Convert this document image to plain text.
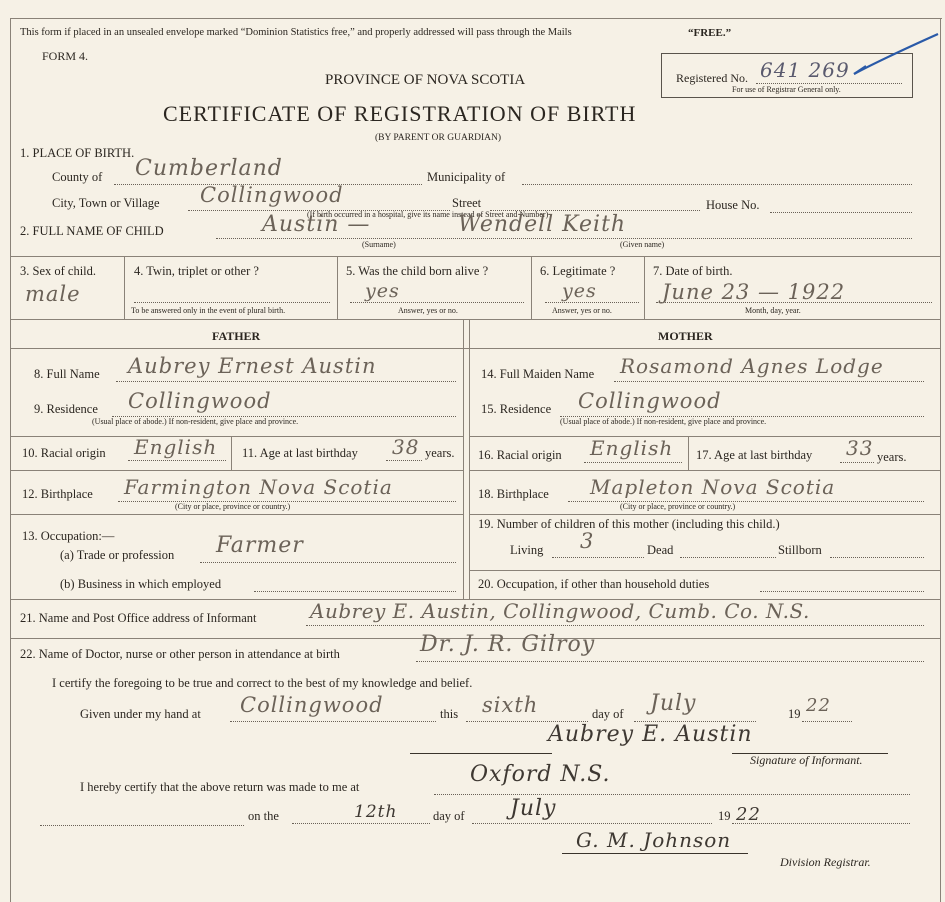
This form if placed in an unsealed envelope marked “Dominion Statistics free,” and properly addressed will pass through the Mails	“FREE.”
FORM 4.
PROVINCE OF NOVA SCOTIA
CERTIFICATE OF REGISTRATION OF BIRTH
(BY PARENT OR GUARDIAN)
Registered No. 641 269
For use of Registrar General only.
1. PLACE OF BIRTH.
County of Cumberland	Municipality of
City, Town or Village Collingwood	Street	House No.
(If birth occurred in a hospital, give its name instead of Street and Number)
2. FULL NAME OF CHILD	Austin —	Wendell Keith
(Surname)	(Given name)
3. Sex of child.
male
4. Twin, triplet or other ?
To be answered only in the event of plural birth.
5. Was the child born alive ?
yes
Answer, yes or no.
6. Legitimate ?
yes
Answer, yes or no.
7. Date of birth.
June 23 — 1922
Month, day, year.
FATHER	MOTHER
8. Full Name Aubrey Ernest Austin
9. Residence Collingwood
(Usual place of abode.) If non-resident, give place and province.
10. Racial origin English 11. Age at last birthday 38 years.
12. Birthplace Farmington Nova Scotia
(City or place, province or country.)
13. Occupation:—
(a) Trade or profession Farmer
(b) Business in which employed
14. Full Maiden Name Rosamond Agnes Lodge
15. Residence Collingwood
(Usual place of abode.) If non-resident, give place and province.
16. Racial origin English 17. Age at last birthday 33 years.
18. Birthplace Mapleton Nova Scotia
(City or place, province or country.)
19. Number of children of this mother (including this child.)
Living 3	Dead	Stillborn
20. Occupation, if other than household duties
21. Name and Post Office address of Informant	Aubrey E. Austin, Collingwood, Cumb. Co. N.S.
22. Name of Doctor, nurse or other person in attendance at birth	Dr. J. R. Gilroy
I certify the foregoing to be true and correct to the best of my knowledge and belief.
Given under my hand at Collingwood	this sixth	day of July	19 22
Aubrey E. Austin
Signature of Informant.
I hereby certify that the above return was made to me at	Oxford N.S.
on the	12th	day of July	19 22
G. M. Johnson
Division Registrar.
